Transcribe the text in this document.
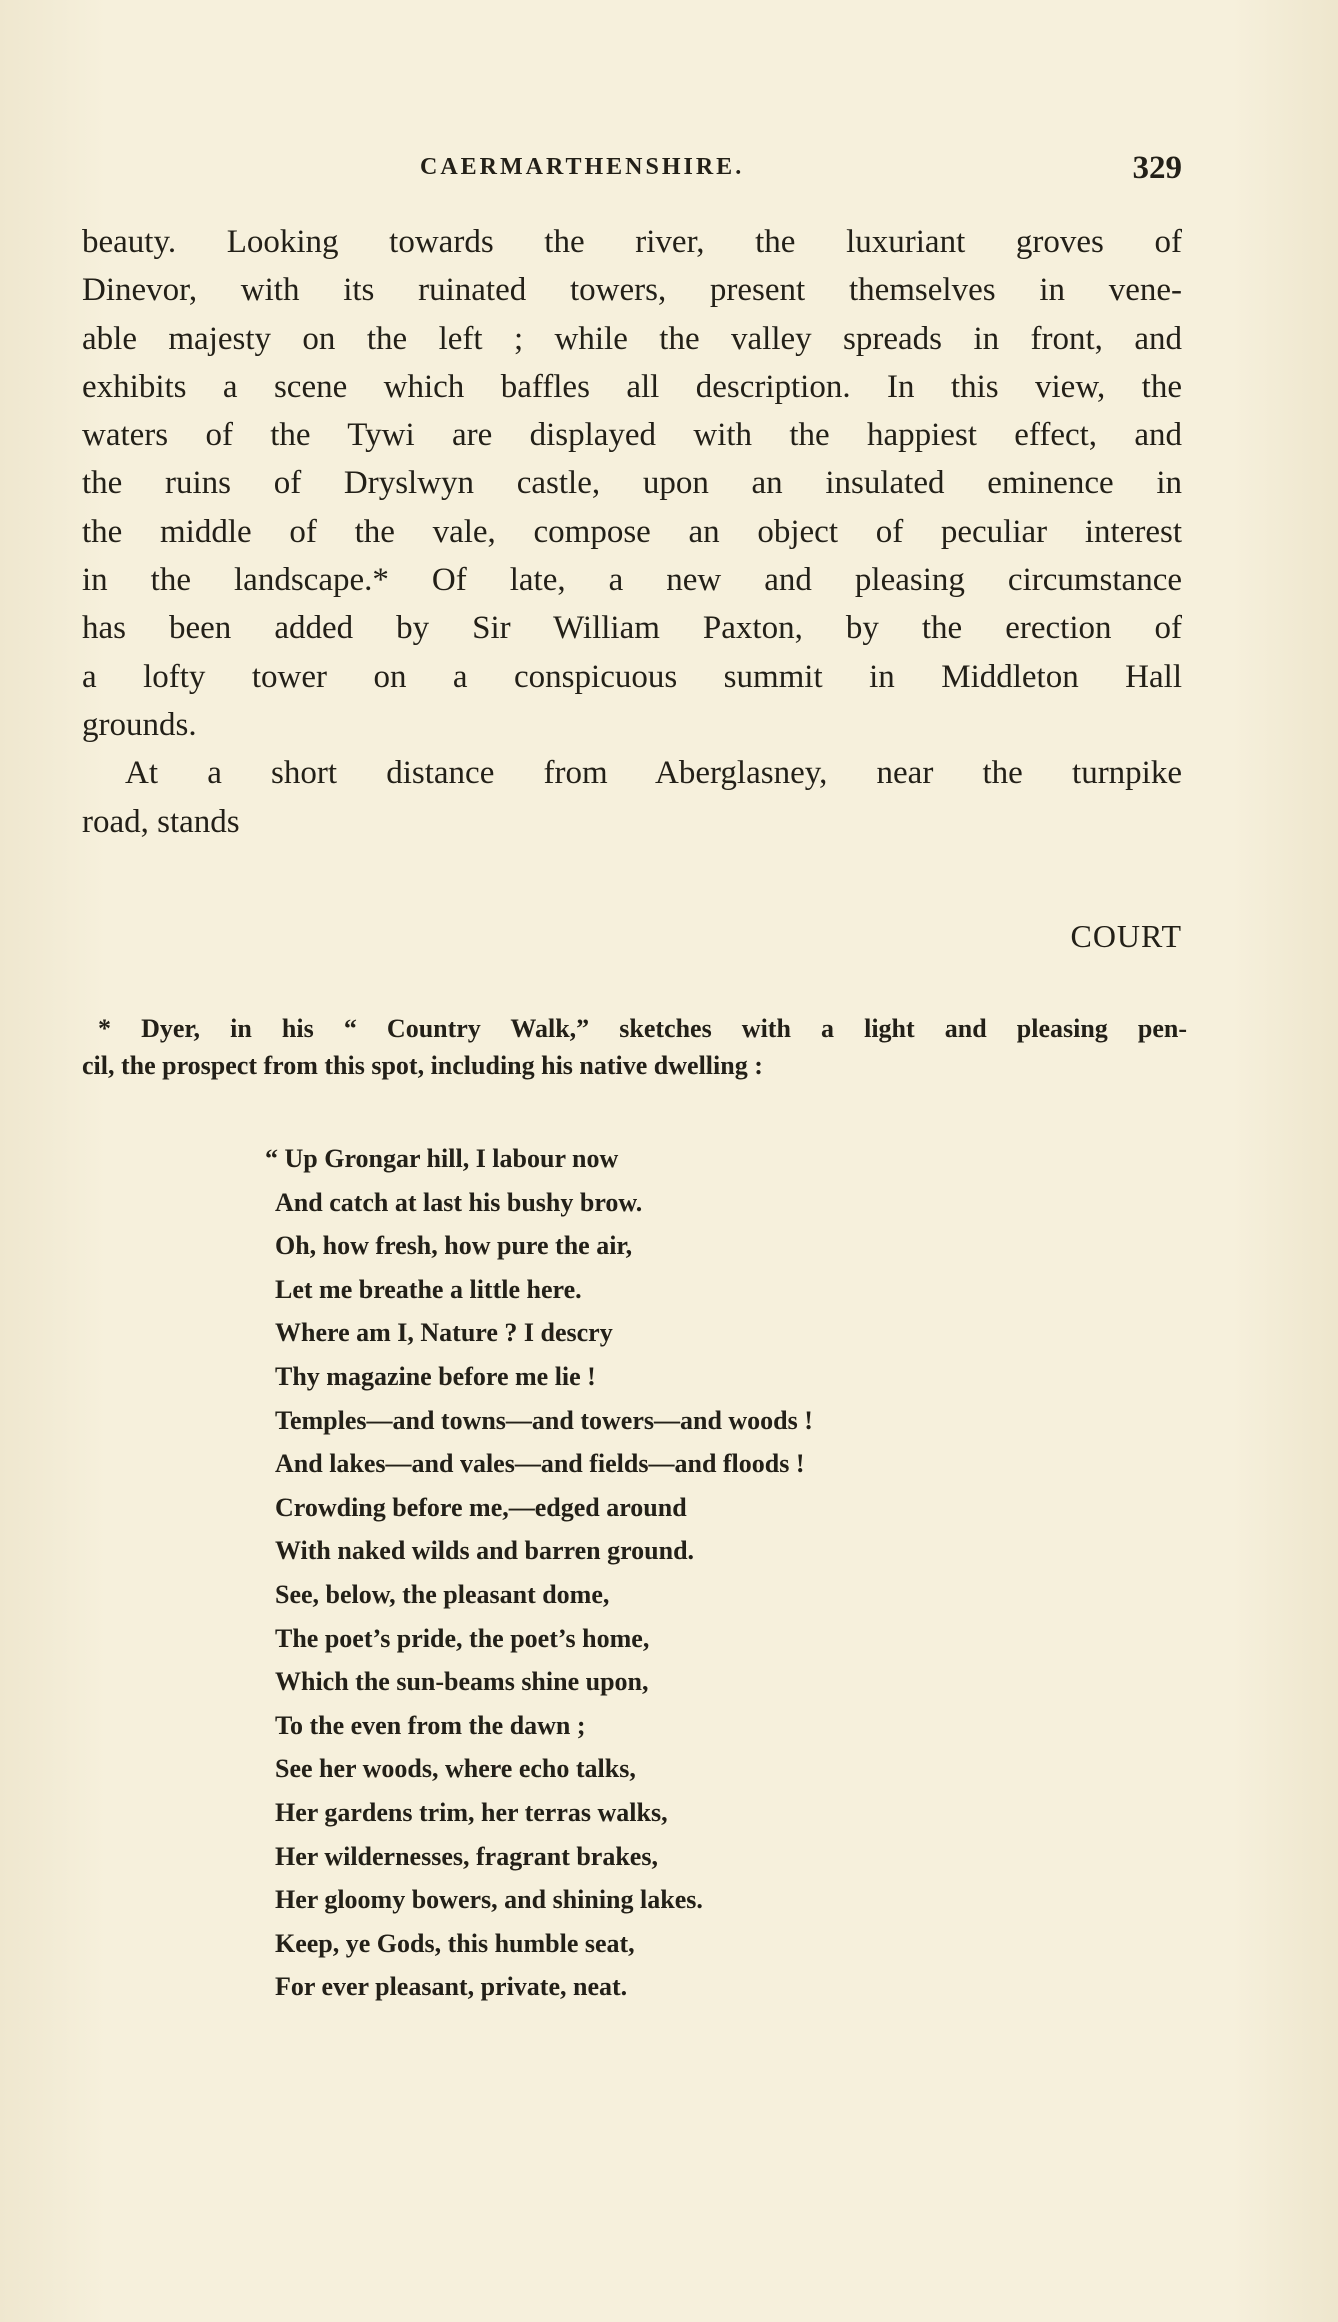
CAERMARTHENSHIRE.	329
beauty. Looking towards the river, the luxuriant groves of
Dinevor, with its ruinated towers, present themselves in vene-
able majesty on the left ; while the valley spreads in front, and
exhibits a scene which baffles all description. In this view, the
waters of the Tywi are displayed with the happiest effect, and
the ruins of Dryslwyn castle, upon an insulated eminence in
the middle of the vale, compose an object of peculiar interest
in the landscape.* Of late, a new and pleasing circumstance
has been added by Sir William Paxton, by the erection of
a lofty tower on a conspicuous summit in Middleton Hall
grounds.
At a short distance from Aberglasney, near the turnpike
road, stands
COURT
* Dyer, in his “ Country Walk,” sketches with a light and pleasing pen-
cil, the prospect from this spot, including his native dwelling :
“ Up Grongar hill, I labour now
And catch at last his bushy brow.
Oh, how fresh, how pure the air,
Let me breathe a little here.
Where am I, Nature ? I descry
Thy magazine before me lie !
Temples—and towns—and towers—and woods !
And lakes—and vales—and fields—and floods !
Crowding before me,—edged around
With naked wilds and barren ground.
See, below, the pleasant dome,
The poet’s pride, the poet’s home,
Which the sun-beams shine upon,
To the even from the dawn ;
See her woods, where echo talks,
Her gardens trim, her terras walks,
Her wildernesses, fragrant brakes,
Her gloomy bowers, and shining lakes.
Keep, ye Gods, this humble seat,
For ever pleasant, private, neat.
